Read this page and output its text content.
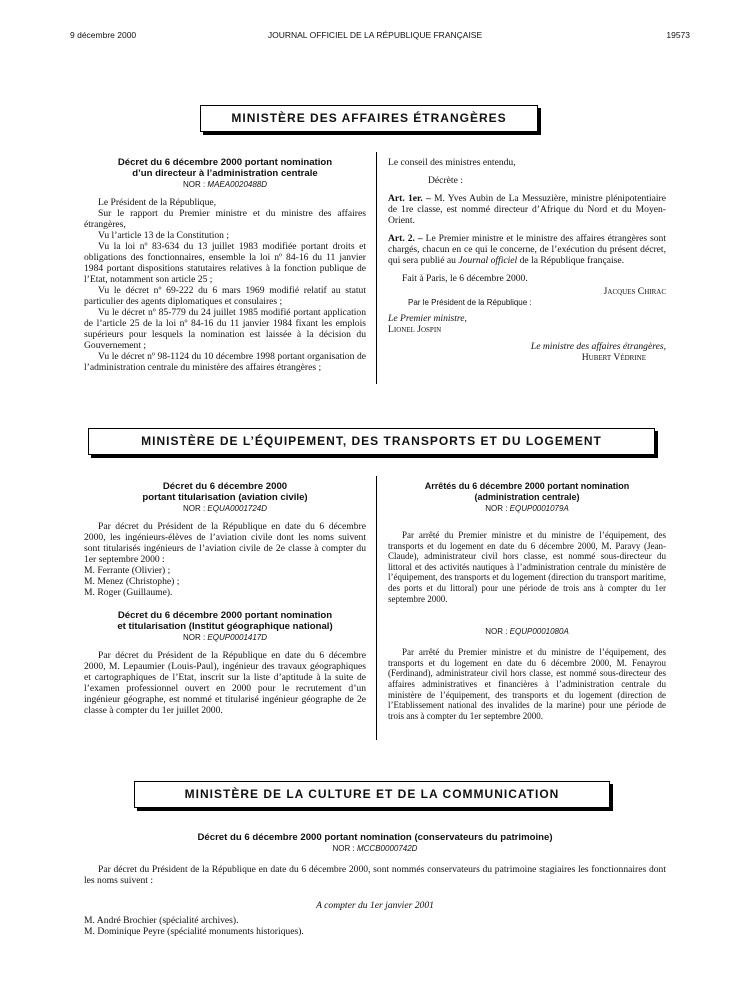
9 décembre 2000	JOURNAL OFFICIEL DE LA RÉPUBLIQUE FRANÇAISE	19573
MINISTÈRE DES AFFAIRES ÉTRANGÈRES
Décret du 6 décembre 2000 portant nomination
d’un directeur à l’administration centrale
NOR : MAEA0020488D

Le Président de la République,

Sur le rapport du Premier ministre et du ministre des affaires étrangères,

Vu l’article 13 de la Constitution ;

Vu la loi nº 83-634 du 13 juillet 1983 modifiée portant droits et obligations des fonctionnaires, ensemble la loi nº 84-16 du 11 janvier 1984 portant dispositions statutaires relatives à la fonction publique de l’Etat, notamment son article 25 ;

Vu le décret nº 69-222 du 6 mars 1969 modifié relatif au statut particulier des agents diplomatiques et consulaires ;

Vu le décret nº 85-779 du 24 juillet 1985 modifié portant application de l’article 25 de la loi nº 84-16 du 11 janvier 1984 fixant les emplois supérieurs pour lesquels la nomination est laissée à la décision du Gouvernement ;

Vu le décret nº 98-1124 du 10 décembre 1998 portant organisation de l’administration centrale du ministère des affaires étrangères ;

Le conseil des ministres entendu,

Décrète :

Art. 1er. – M. Yves Aubin de La Messuzière, ministre plénipotentiaire de 1re classe, est nommé directeur d’Afrique du Nord et du Moyen-Orient.

Art. 2. – Le Premier ministre et le ministre des affaires étrangères sont chargés, chacun en ce qui le concerne, de l’exécution du présent décret, qui sera publié au Journal officiel de la République française.

Fait à Paris, le 6 décembre 2000.

Jacques Chirac
Par le Président de la République :
Le Premier ministre,
Lionel Jospin
Le ministre des affaires étrangères,
Hubert Védrine
MINISTÈRE DE L’ÉQUIPEMENT, DES TRANSPORTS ET DU LOGEMENT
Décret du 6 décembre 2000
portant titularisation (aviation civile)
NOR : EQUA0001724D

Par décret du Président de la République en date du 6 décembre 2000, les ingénieurs-élèves de l’aviation civile dont les noms suivent sont titularisés ingénieurs de l’aviation civile de 2e classe à compter du 1er septembre 2000 :

M. Ferrante (Olivier) ;

M. Menez (Christophe) ;

M. Roger (Guillaume).

Décret du 6 décembre 2000 portant nomination
et titularisation (Institut géographique national)
NOR : EQUP0001417D

Par décret du Président de la République en date du 6 décembre 2000, M. Lepaumier (Louis-Paul), ingénieur des travaux géographiques et cartographiques de l’Etat, inscrit sur la liste d’aptitude à la suite de l’examen professionnel ouvert en 2000 pour le recrutement d’un ingénieur géographe, est nommé et titularisé ingénieur géographe de 2e classe à compter du 1er juillet 2000.

Arrêtés du 6 décembre 2000 portant nomination
(administration centrale)
NOR : EQUP0001079A

Par arrêté du Premier ministre et du ministre de l’équipement, des transports et du logement en date du 6 décembre 2000, M. Paravy (Jean-Claude), administrateur civil hors classe, est nommé sous-directeur du littoral et des activités nautiques à l’administration centrale du ministère de l’équipement, des transports et du logement (direction du transport maritime, des ports et du littoral) pour une période de trois ans à compter du 1er septembre 2000.

NOR : EQUP0001080A

Par arrêté du Premier ministre et du ministre de l’équipement, des transports et du logement en date du 6 décembre 2000, M. Fenayrou (Ferdinand), administrateur civil hors classe, est nommé sous-directeur des affaires administratives et financières à l’administration centrale du ministère de l’équipement, des transports et du logement (direction de l’Etablissement national des invalides de la marine) pour une période de trois ans à compter du 1er septembre 2000.

MINISTÈRE DE LA CULTURE ET DE LA COMMUNICATION
Décret du 6 décembre 2000 portant nomination (conservateurs du patrimoine)
NOR : MCCB0000742D

Par décret du Président de la République en date du 6 décembre 2000, sont nommés conservateurs du patrimoine stagiaires les fonctionnaires dont les noms suivent :

A compter du 1er janvier 2001

M. André Brochier (spécialité archives).

M. Dominique Peyre (spécialité monuments historiques).
